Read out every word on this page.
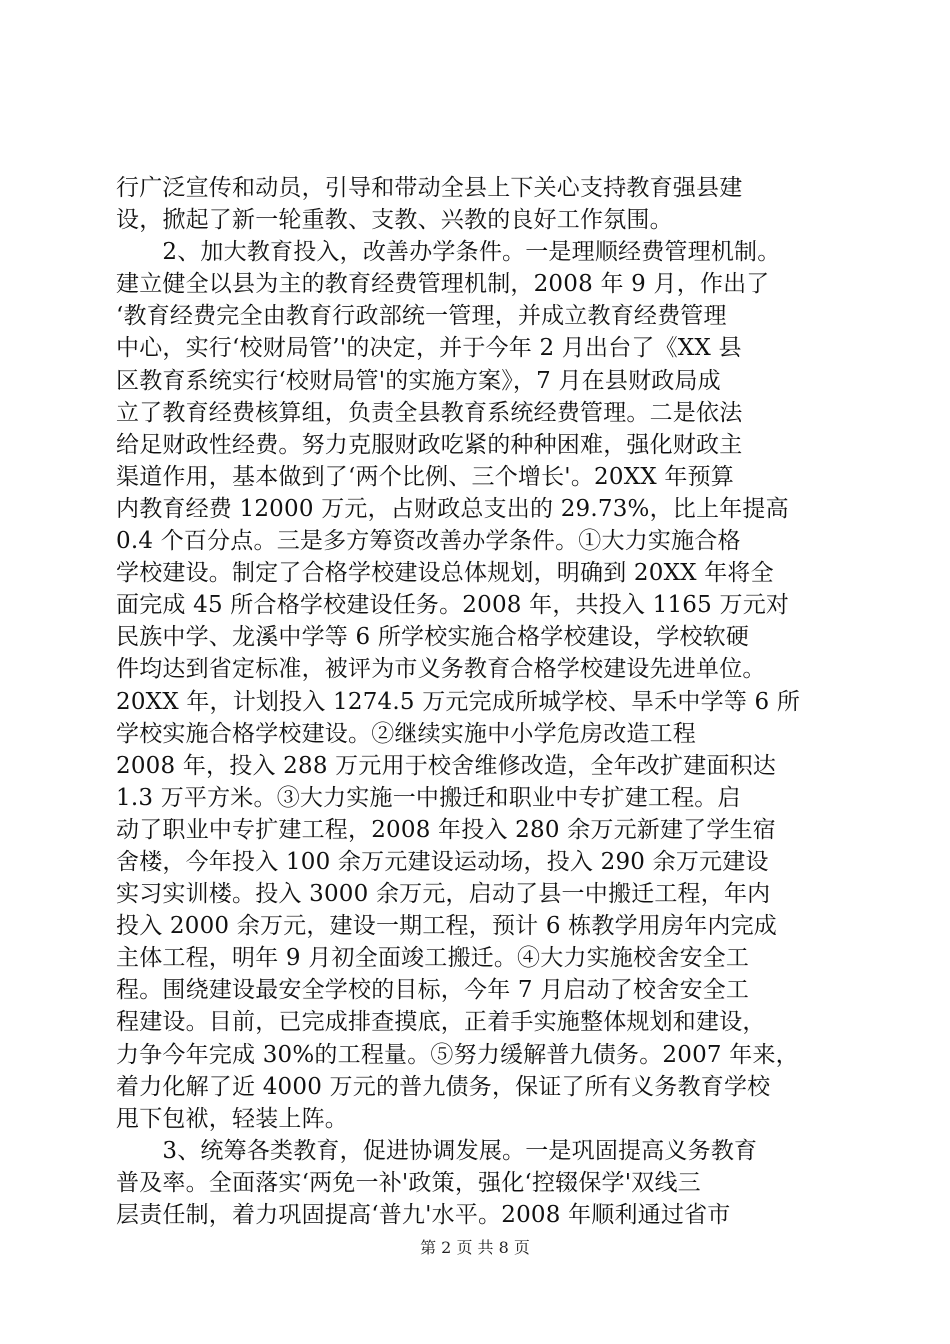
行广泛宣传和动员，引导和带动全县上下关心支持教育强县建
设，掀起了新一轮重教、支教、兴教的良好工作氛围。
　　2、加大教育投入，改善办学条件。一是理顺经费管理机制。
建立健全以县为主的教育经费管理机制，2008 年 9 月，作出了
‘教育经费完全由教育行政部统一管理，并成立教育经费管理
中心，实行‘校财局管’'的决定，并于今年 2 月出台了《XX 县
区教育系统实行‘校财局管'的实施方案》，7 月在县财政局成
立了教育经费核算组，负责全县教育系统经费管理。二是依法
给足财政性经费。努力克服财政吃紧的种种困难，强化财政主
渠道作用，基本做到了‘两个比例、三个增长'。20XX 年预算
内教育经费 12000 万元，占财政总支出的 29.73%，比上年提高
0.4 个百分点。三是多方筹资改善办学条件。①大力实施合格
学校建设。制定了合格学校建设总体规划，明确到 20XX 年将全
面完成 45 所合格学校建设任务。2008 年，共投入 1165 万元对
民族中学、龙溪中学等 6 所学校实施合格学校建设，学校软硬
件均达到省定标准，被评为市义务教育合格学校建设先进单位。
20XX 年，计划投入 1274.5 万元完成所城学校、旱禾中学等 6 所
学校实施合格学校建设。②继续实施中小学危房改造工程
2008 年，投入 288 万元用于校舍维修改造，全年改扩建面积达
1.3 万平方米。③大力实施一中搬迁和职业中专扩建工程。启
动了职业中专扩建工程，2008 年投入 280 余万元新建了学生宿
舍楼，今年投入 100 余万元建设运动场，投入 290 余万元建设
实习实训楼。投入 3000 余万元，启动了县一中搬迁工程，年内
投入 2000 余万元，建设一期工程，预计 6 栋教学用房年内完成
主体工程，明年 9 月初全面竣工搬迁。④大力实施校舍安全工
程。围绕建设最安全学校的目标，今年 7 月启动了校舍安全工
程建设。目前，已完成排查摸底，正着手实施整体规划和建设，
力争今年完成 30%的工程量。⑤努力缓解普九债务。2007 年来，
着力化解了近 4000 万元的普九债务，保证了所有义务教育学校
甩下包袱，轻装上阵。
　　3、统筹各类教育，促进协调发展。一是巩固提高义务教育
普及率。全面落实‘两免一补'政策，强化‘控辍保学'双线三
层责任制，着力巩固提高‘普九'水平。2008 年顺利通过省市
第 2 页 共 8 页
